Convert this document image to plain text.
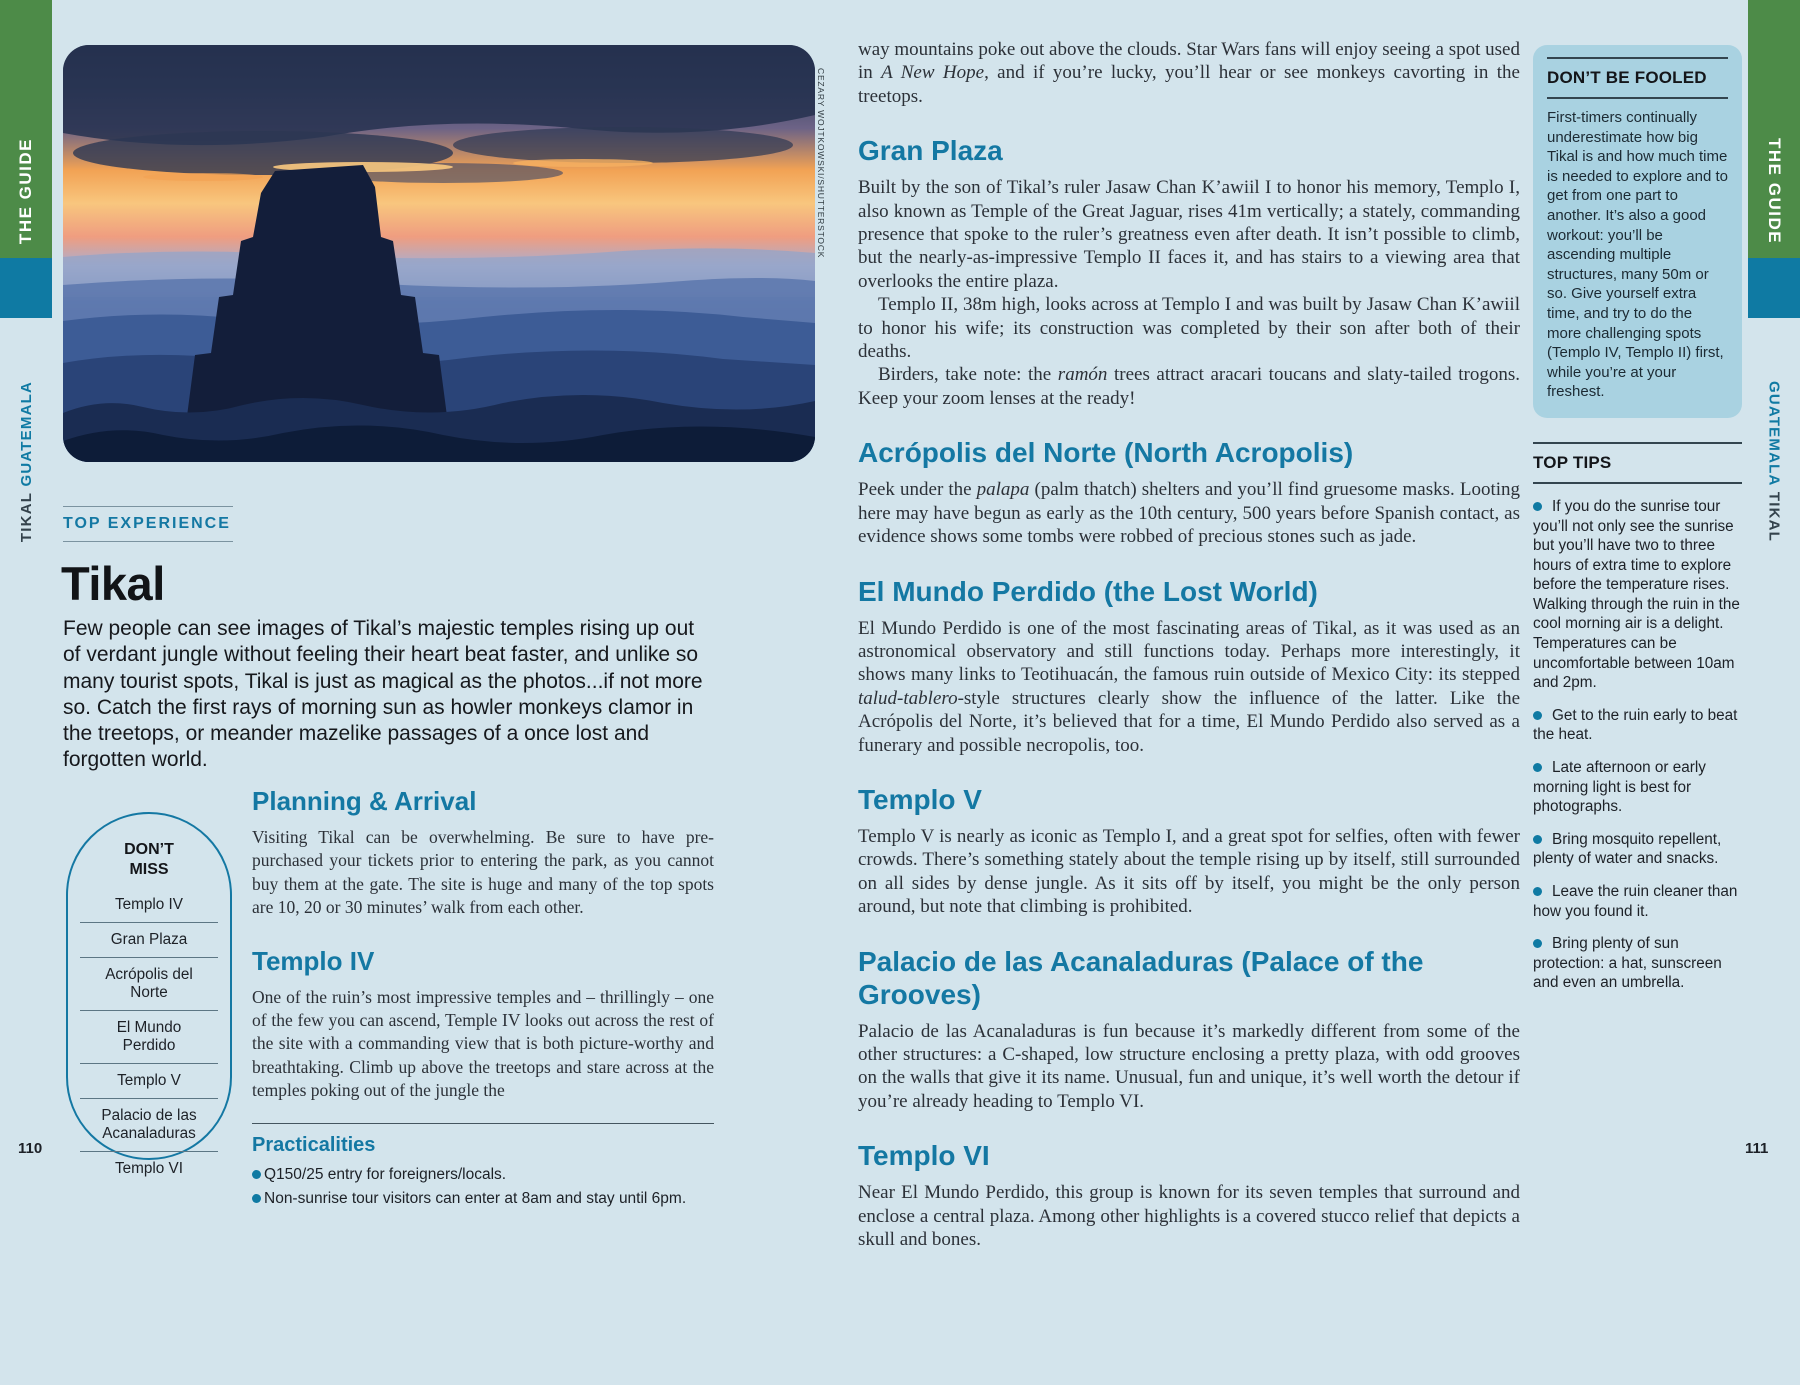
THE GUIDE
TIKAL GUATEMALA
THE GUIDE
GUATEMALA TIKAL
CEZARY WOJTKOWSKI/SHUTTERSTOCK
TOP EXPERIENCE
Tikal
Few people can see images of Tikal’s majestic temples rising up out of verdant jungle without feeling their heart beat faster, and unlike so many tourist spots, Tikal is just as magical as the photos...if not more so. Catch the first rays of morning sun as howler monkeys clamor in the treetops, or meander mazelike passages of a once lost and forgotten world.
DON’T
MISS
Templo IV
Gran Plaza
Acrópolis del Norte
El Mundo Perdido
Templo V
Palacio de las Acanaladuras
Templo VI
Planning & Arrival

Visiting Tikal can be overwhelming. Be sure to have pre-purchased your tickets prior to entering the park, as you cannot buy them at the gate. The site is huge and many of the top spots are 10, 20 or 30 minutes’ walk from each other.

Templo IV

One of the ruin’s most impressive temples and – thrillingly – one of the few you can ascend, Temple IV looks out across the rest of the site with a commanding view that is both picture-worthy and breathtaking. Climb up above the treetops and stare across at the temples poking out of the jungle the

Practicalities
Q150/25 entry for foreigners/locals.
Non-sunrise tour visitors can enter at 8am and stay until 6pm.
110

way mountains poke out above the clouds. Star Wars fans will enjoy seeing a spot used in A New Hope, and if you’re lucky, you’ll hear or see monkeys cavorting in the treetops.

Gran Plaza

Built by the son of Tikal’s ruler Jasaw Chan K’awiil I to honor his memory, Templo I, also known as Temple of the Great Jaguar, rises 41m vertically; a stately, commanding presence that spoke to the ruler’s greatness even after death. It isn’t possible to climb, but the nearly-as-impressive Templo II faces it, and has stairs to a viewing area that overlooks the entire plaza.

Templo II, 38m high, looks across at Templo I and was built by Jasaw Chan K’awiil to honor his wife; its construction was completed by their son after both of their deaths.

Birders, take note: the ramón trees attract aracari toucans and slaty-tailed trogons. Keep your zoom lenses at the ready!

Acrópolis del Norte (North Acropolis)

Peek under the palapa (palm thatch) shelters and you’ll find gruesome masks. Looting here may have begun as early as the 10th century, 500 years before Spanish contact, as evidence shows some tombs were robbed of precious stones such as jade.

El Mundo Perdido (the Lost World)

El Mundo Perdido is one of the most fascinating areas of Tikal, as it was used as an astronomical observatory and still functions today. Perhaps more interestingly, it shows many links to Teotihuacán, the famous ruin outside of Mexico City: its stepped talud-tablero-style structures clearly show the influence of the latter. Like the Acrópolis del Norte, it’s believed that for a time, El Mundo Perdido also served as a funerary and possible necropolis, too.

Templo V

Templo V is nearly as iconic as Templo I, and a great spot for selfies, often with fewer crowds. There’s something stately about the temple rising up by itself, still surrounded on all sides by dense jungle. As it sits off by itself, you might be the only person around, but note that climbing is prohibited.

Palacio de las Acanaladuras (Palace of the Grooves)

Palacio de las Acanaladuras is fun because it’s markedly different from some of the other structures: a C-shaped, low structure enclosing a pretty plaza, with odd grooves on the walls that give it its name. Unusual, fun and unique, it’s well worth the detour if you’re already heading to Templo VI.

Templo VI

Near El Mundo Perdido, this group is known for its seven temples that surround and enclose a central plaza. Among other highlights is a covered stucco relief that depicts a skull and bones.

DON’T BE FOOLED
First-timers continually underestimate how big Tikal is and how much time is needed to explore and to get from one part to another. It’s also a good workout: you’ll be ascending multiple structures, many 50m or so. Give yourself extra time, and try to do the more challenging spots (Templo IV, Templo II) first, while you’re at your freshest.
TOP TIPS

If you do the sunrise tour you’ll not only see the sunrise but you’ll have two to three hours of extra time to explore before the temperature rises. Walking through the ruin in the cool morning air is a delight. Temperatures can be uncomfortable between 10am and 2pm.

Get to the ruin early to beat the heat.

Late afternoon or early morning light is best for photographs.

Bring mosquito repellent, plenty of water and snacks.

Leave the ruin cleaner than how you found it.

Bring plenty of sun protection: a hat, sunscreen and even an umbrella.

111
